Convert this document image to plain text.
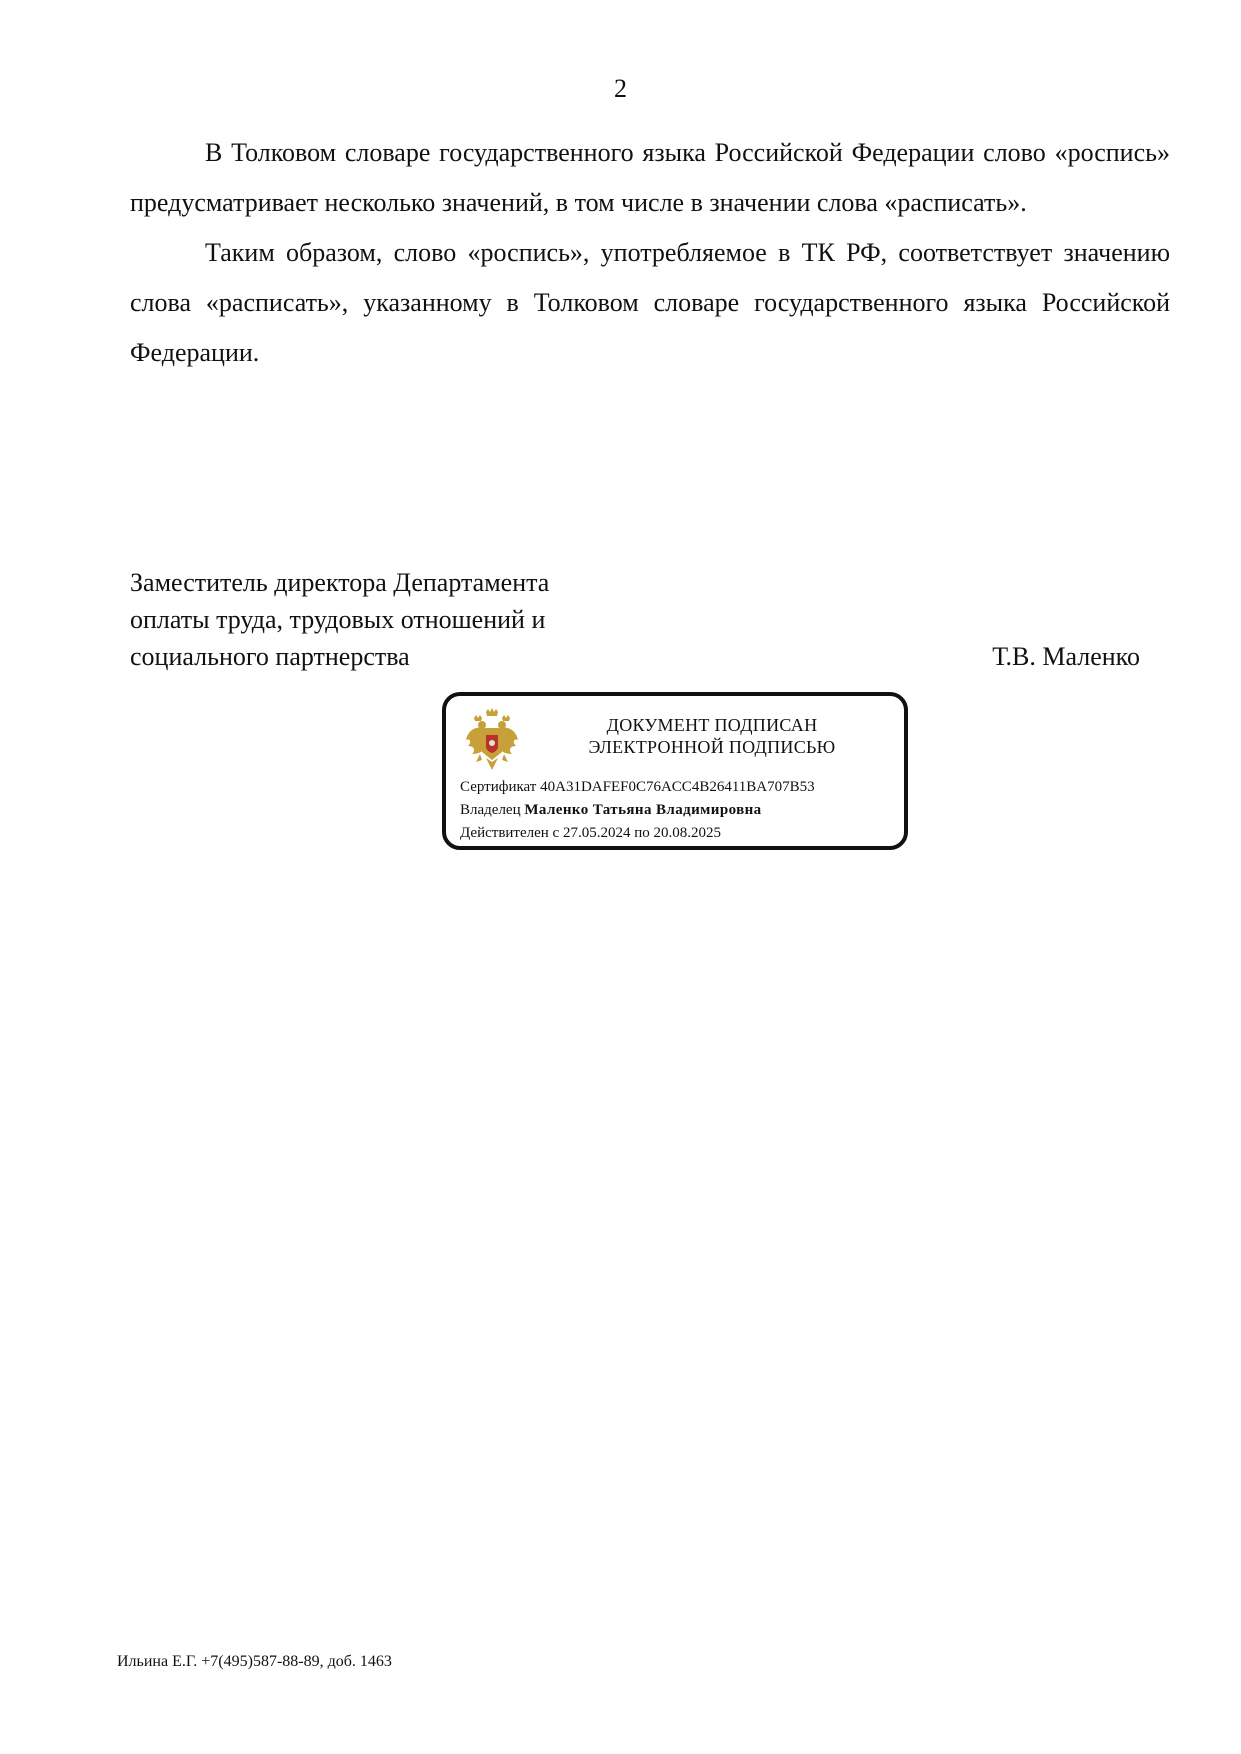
2

В Толковом словаре государственного языка Российской Федерации слово «роспись» предусматривает несколько значений, в том числе в значении слова «расписать».

Таким образом, слово «роспись», употребляемое в ТК РФ, соответствует значению слова «расписать», указанному в Толковом словаре государственного языка Российской Федерации.

Заместитель директора Департамента
оплаты труда, трудовых отношений и
социального партнерства	Т.В. Маленко
ДОКУМЕНТ ПОДПИСАН
ЭЛЕКТРОННОЙ ПОДПИСЬЮ
Сертификат 40A31DAFEF0C76ACC4B26411BA707B53
Владелец Маленко Татьяна Владимировна
Действителен с 27.05.2024 по 20.08.2025
Ильина Е.Г. +7(495)587-88-89, доб. 1463
